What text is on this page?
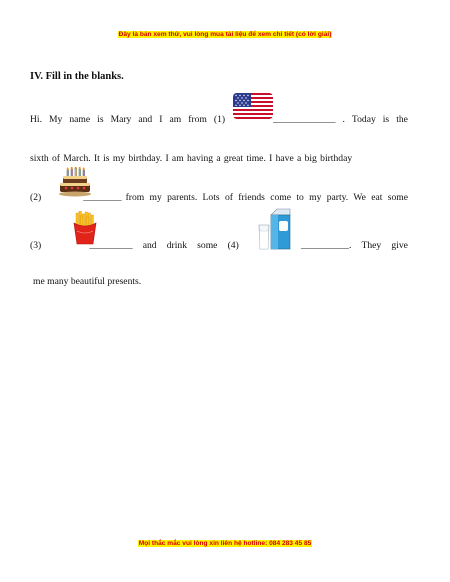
Đây là bản xem thử, vui lòng mua tài liệu để xem chi tiết (có lời giải)
IV. Fill in the blanks.
Hi. My name is Mary and I am from (1)	_____________ . Today is the
sixth of March. It is my birthday. I am having a great time. I have a big birthday
(2)	________ from my parents. Lots of friends come to my party. We eat some
(3)	_________ and drink some (4)	__________. They give
me many beautiful presents.
Mọi thắc mắc vui lòng xin liên hệ hotline: 084 283 45 85
